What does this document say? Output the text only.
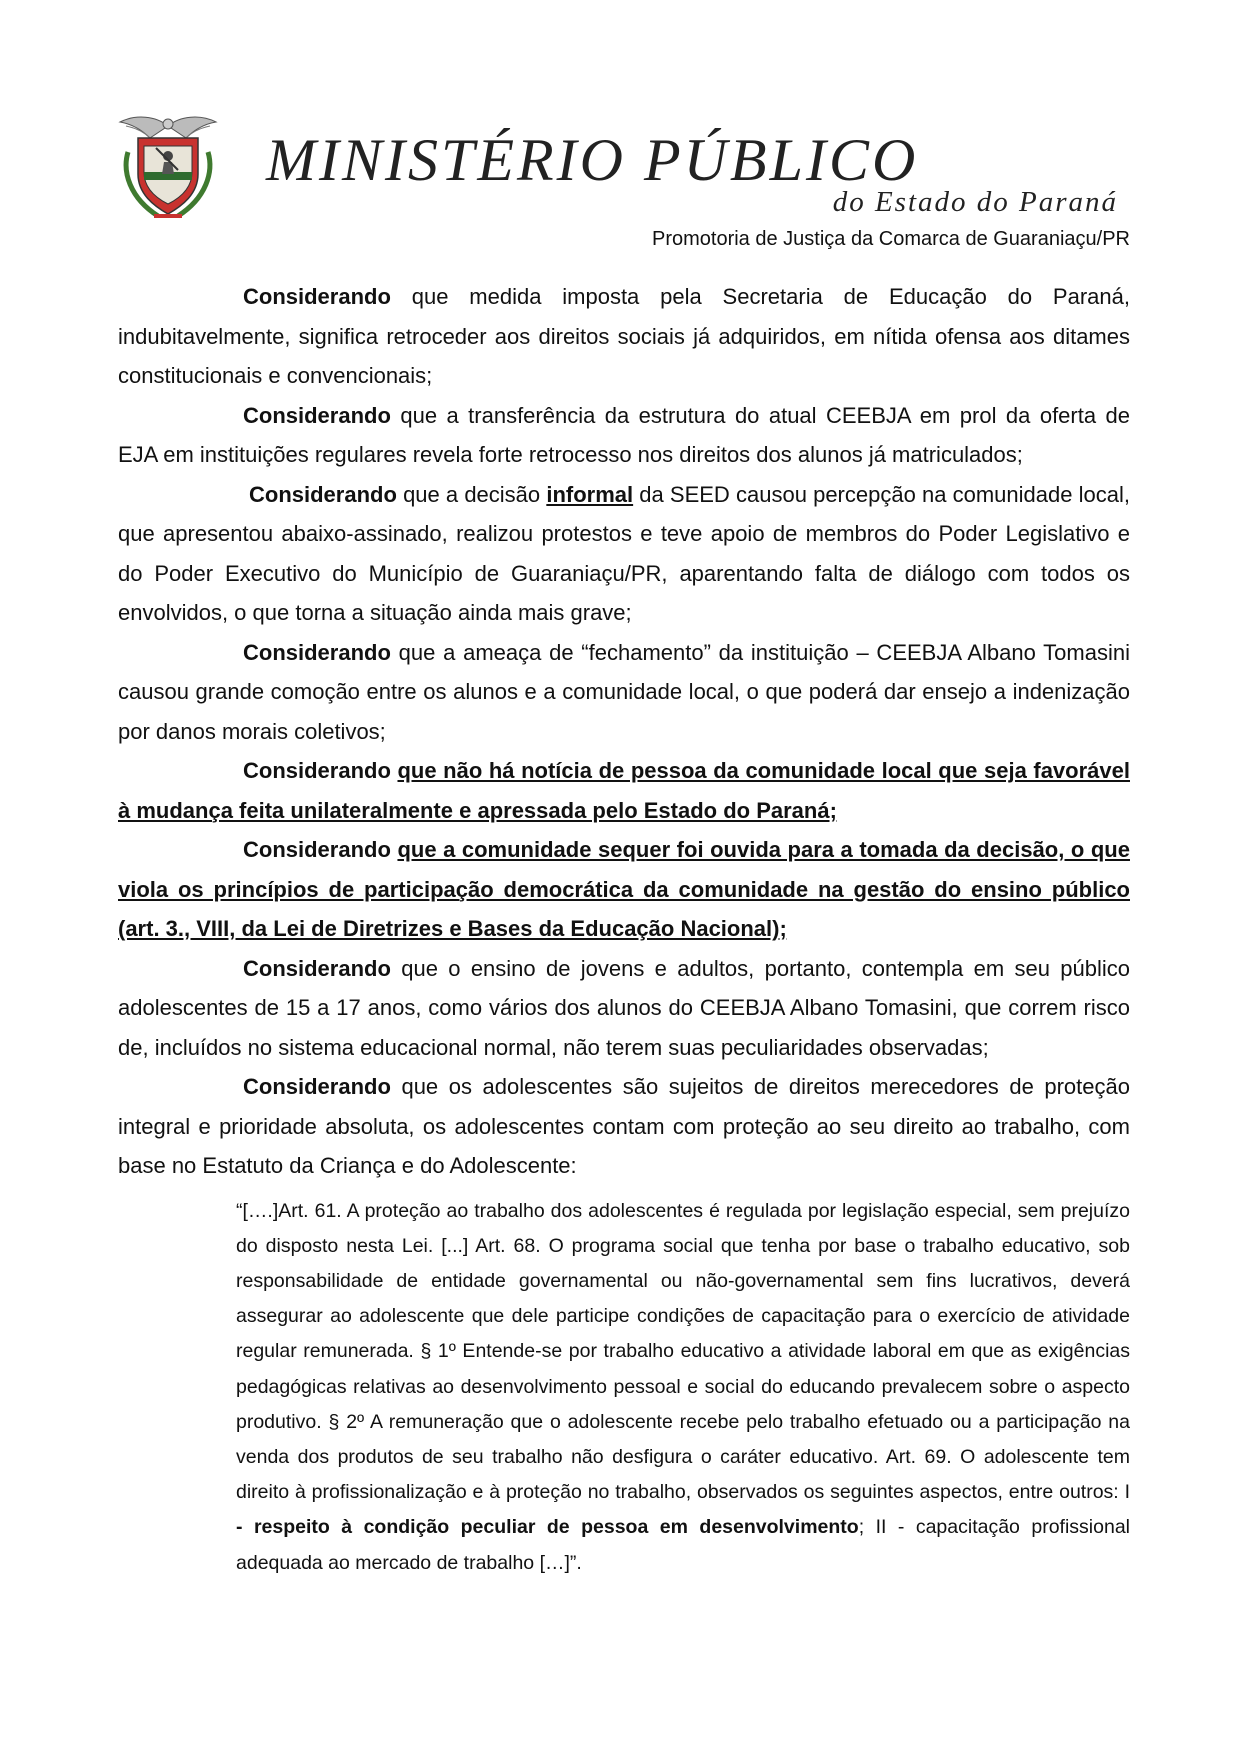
MINISTÉRIO PÚBLICO
do Estado do Paraná
Promotoria de Justiça da Comarca de Guaraniaçu/PR

Considerando que medida imposta pela Secretaria de Educação do Paraná, indubitavelmente, significa retroceder aos direitos sociais já adquiridos, em nítida ofensa aos ditames constitucionais e convencionais;

Considerando que a transferência da estrutura do atual CEEBJA em prol da oferta de EJA em instituições regulares revela forte retrocesso nos direitos dos alunos já matriculados;

Considerando que a decisão informal da SEED causou percepção na comunidade local, que apresentou abaixo-assinado, realizou protestos e teve apoio de membros do Poder Legislativo e do Poder Executivo do Município de Guaraniaçu/PR, aparentando falta de diálogo com todos os envolvidos, o que torna a situação ainda mais grave;

Considerando que a ameaça de “fechamento” da instituição – CEEBJA Albano Tomasini causou grande comoção entre os alunos e a comunidade local, o que poderá dar ensejo a indenização por danos morais coletivos;

Considerando que não há notícia de pessoa da comunidade local que seja favorável à mudança feita unilateralmente e apressada pelo Estado do Paraná;

Considerando que a comunidade sequer foi ouvida para a tomada da decisão, o que viola os princípios de participação democrática da comunidade na gestão do ensino público (art. 3., VIII, da Lei de Diretrizes e Bases da Educação Nacional);

Considerando que o ensino de jovens e adultos, portanto, contempla em seu público adolescentes de 15 a 17 anos, como vários dos alunos do CEEBJA Albano Tomasini, que correm risco de, incluídos no sistema educacional normal, não terem suas peculiaridades observadas;

Considerando que os adolescentes são sujeitos de direitos merecedores de proteção integral e prioridade absoluta, os adolescentes contam com proteção ao seu direito ao trabalho, com base no Estatuto da Criança e do Adolescente:

“[….]Art. 61. A proteção ao trabalho dos adolescentes é regulada por legislação especial, sem prejuízo do disposto nesta Lei. [...] Art. 68. O programa social que tenha por base o trabalho educativo, sob responsabilidade de entidade governamental ou não-governamental sem fins lucrativos, deverá assegurar ao adolescente que dele participe condições de capacitação para o exercício de atividade regular remunerada. § 1º Entende-se por trabalho educativo a atividade laboral em que as exigências pedagógicas relativas ao desenvolvimento pessoal e social do educando prevalecem sobre o aspecto produtivo. § 2º A remuneração que o adolescente recebe pelo trabalho efetuado ou a participação na venda dos produtos de seu trabalho não desfigura o caráter educativo. Art. 69. O adolescente tem direito à profissionalização e à proteção no trabalho, observados os seguintes aspectos, entre outros: I - respeito à condição peculiar de pessoa em desenvolvimento; II - capacitação profissional adequada ao mercado de trabalho […]”.
